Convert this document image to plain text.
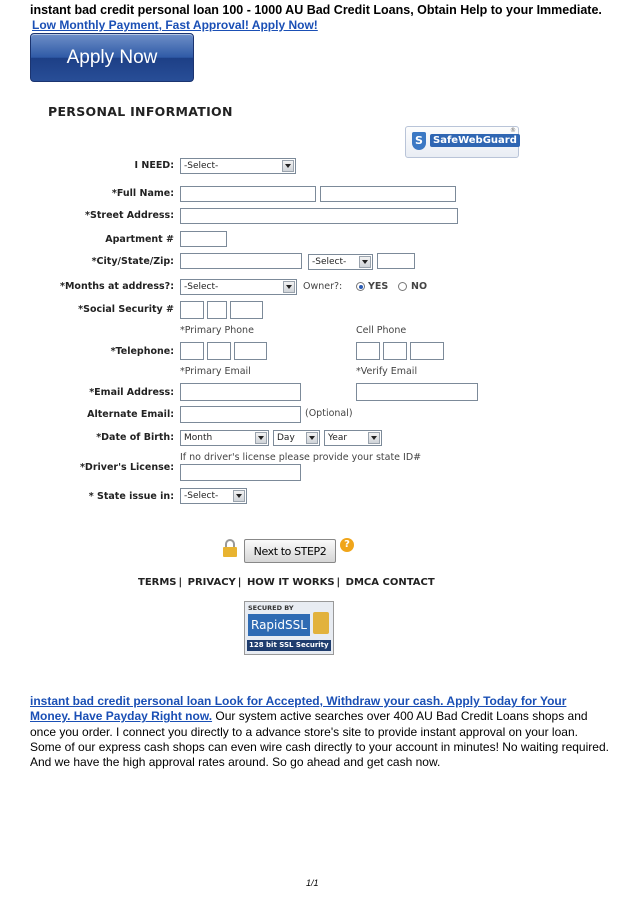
instant bad credit personal loan 100 - 1000 AU Bad Credit Loans, Obtain Help to your Immediate.
Low Monthly Payment, Fast Approval! Apply Now!
Apply Now
PERSONAL INFORMATION
S	SafeWebGuard
®
I NEED:	-Select-
*Full Name:
*Street Address:
Apartment #
*City/State/Zip:	-Select-
*Months at address?:	-Select-	Owner?:	YES NO
*Social Security #
*Primary Phone	Cell Phone
*Telephone:
*Primary Email	*Verify Email
*Email Address:
Alternate Email:	(Optional)
*Date of Birth:	Month	Day	Year
If no driver's license please provide your state ID#
*Driver's License:
* State issue in:	-Select-
Next to STEP2	?
TERMS | PRIVACY | HOW IT WORKS | DMCA CONTACT
SECURED BY
RapidSSL
128 bit SSL Security
instant bad credit personal loan Look for Accepted, Withdraw your cash. Apply Today for Your Money. Have Payday Right now. Our system active searches over 400 AU Bad Credit Loans shops and once you order. I connect you directly to a advance store's site to provide instant approval on your loan. Some of our express cash shops can even wire cash directly to your account in minutes! No waiting required. And we have the high approval rates around. So go ahead and get cash now.
1/1
